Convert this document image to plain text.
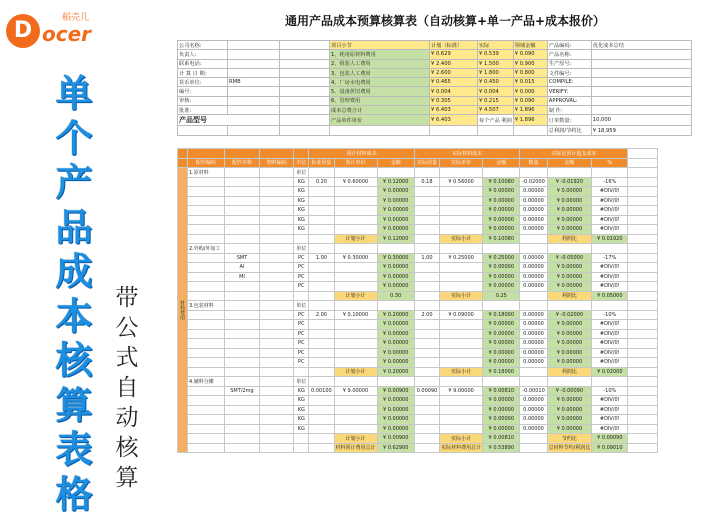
D ocer
稻壳儿
单
个
产
品
成
本
核
算
表
格
带
公
式
自
动
核
算
通用产品成本预算核算表（自动核算+单一产品+成本报价）
公司名称:			项目小节	计划（标准）	实际	领域金额	产品编码:	优化成本总结
负责人:			1、耗用原材料费用	¥ 0.629	¥ 0.539	¥ 0.090	产品名称:	
联系电话:			2、组装人工费用	¥ 2.400	¥ 1.500	¥ 0.900	生产厚号:	
计 算 日 期：			3、包装人工费用	¥ 2.600	¥ 1.800	¥ 0.800	文件编号:	
货币单位:	RMB		4、厂房水电费用	¥ 0.465	¥ 0.450	¥ 0.015	COMPILE:	
编号:			5、设备折旧费用	¥ 0.004	¥ 0.004	¥ 0.000	VERIFY:	
审核:			6、管理费用	¥ 0.305	¥ 0.215	¥ 0.090	APPROVAL:	
批准:			成本总费合计	¥ 6.403	¥ 4.507	¥ 1.896	制 作：	
产品型号			产品单件单价	¥ 6.403	每个产品 利润	¥ 1.896	订单数量:	10,000
							总利润/节约比	¥ 18,959
					预计材料成本			实际材料成本			实际比预计超支成本			
	配件编码	配件名称	物料编码	单位	标准用量	预计单价	金额	实际用量	实际单价	金额	数量	金额	%	
材料费用	1.原材料			单位										
				KG	0.20	¥ 0.60000	¥ 0.12000	0.18	¥ 0.56000	¥ 0.10080	-0.02000	¥ -0.01920	-16%	
				KG			¥ 0.00000			¥ 0.00000	0.00000	¥ 0.00000	#DIV/0!	
				KG			¥ 0.00000			¥ 0.00000	0.00000	¥ 0.00000	#DIV/0!	
				KG			¥ 0.00000			¥ 0.00000	0.00000	¥ 0.00000	#DIV/0!	
				KG			¥ 0.00000			¥ 0.00000	0.00000	¥ 0.00000	#DIV/0!	
				KG			¥ 0.00000			¥ 0.00000	0.00000	¥ 0.00000	#DIV/0!	
						计划小计	¥ 0.12000		实际小计	¥ 0.10080		利润比	¥ 0.01920	
	2.外购/外加工			单位										
		SMT		PC	1.00	¥ 0.30000	¥ 0.30000	1.00	¥ 0.25000	¥ 0.25000	0.00000	¥ -0.05000	-17%	
		AI		PC			¥ 0.00000			¥ 0.00000	0.00000	¥ 0.00000	#DIV/0!	
		MI		PC			¥ 0.00000			¥ 0.00000	0.00000	¥ 0.00000	#DIV/0!	
				PC			¥ 0.00000			¥ 0.00000	0.00000	¥ 0.00000	#DIV/0!	
						计划小计	0.30		实际小计	0.25		利润比	¥ 0.05000	
	3.包装材料			单位										
				PC	2.00	¥ 0.10000	¥ 0.20000	2.00	¥ 0.09000	¥ 0.18000	0.00000	¥ -0.02000	-10%	
				PC			¥ 0.00000			¥ 0.00000	0.00000	¥ 0.00000	#DIV/0!	
				PC			¥ 0.00000			¥ 0.00000	0.00000	¥ 0.00000	#DIV/0!	
				PC			¥ 0.00000			¥ 0.00000	0.00000	¥ 0.00000	#DIV/0!	
				PC			¥ 0.00000			¥ 0.00000	0.00000	¥ 0.00000	#DIV/0!	
				PC			¥ 0.00000			¥ 0.00000	0.00000	¥ 0.00000	#DIV/0!	
						计划小计	¥ 0.20000		实际小计	¥ 0.18000		利润比	¥ 0.02000	
	4.辅料分摊			单位										
		SMT/2mg		KG	0.00100	¥ 9.00000	¥ 0.00900	0.00090	¥ 9.00000	¥ 0.00810	-0.00010	¥ -0.00090	-10%	
				KG			¥ 0.00000			¥ 0.00000	0.00000	¥ 0.00000	#DIV/0!	
				KG			¥ 0.00000			¥ 0.00000	0.00000	¥ 0.00000	#DIV/0!	
				KG			¥ 0.00000			¥ 0.00000	0.00000	¥ 0.00000	#DIV/0!	
				KG			¥ 0.00000			¥ 0.00000	0.00000	¥ 0.00000	#DIV/0!	
						计划小计	¥ 0.00900		实际小计	¥ 0.00810		节约比	¥ 0.00090	
						材料预计费用总计	¥ 0.62900		实际材料费用总计	¥ 0.53890		总材料节约/利润比	¥ 0.09010	
